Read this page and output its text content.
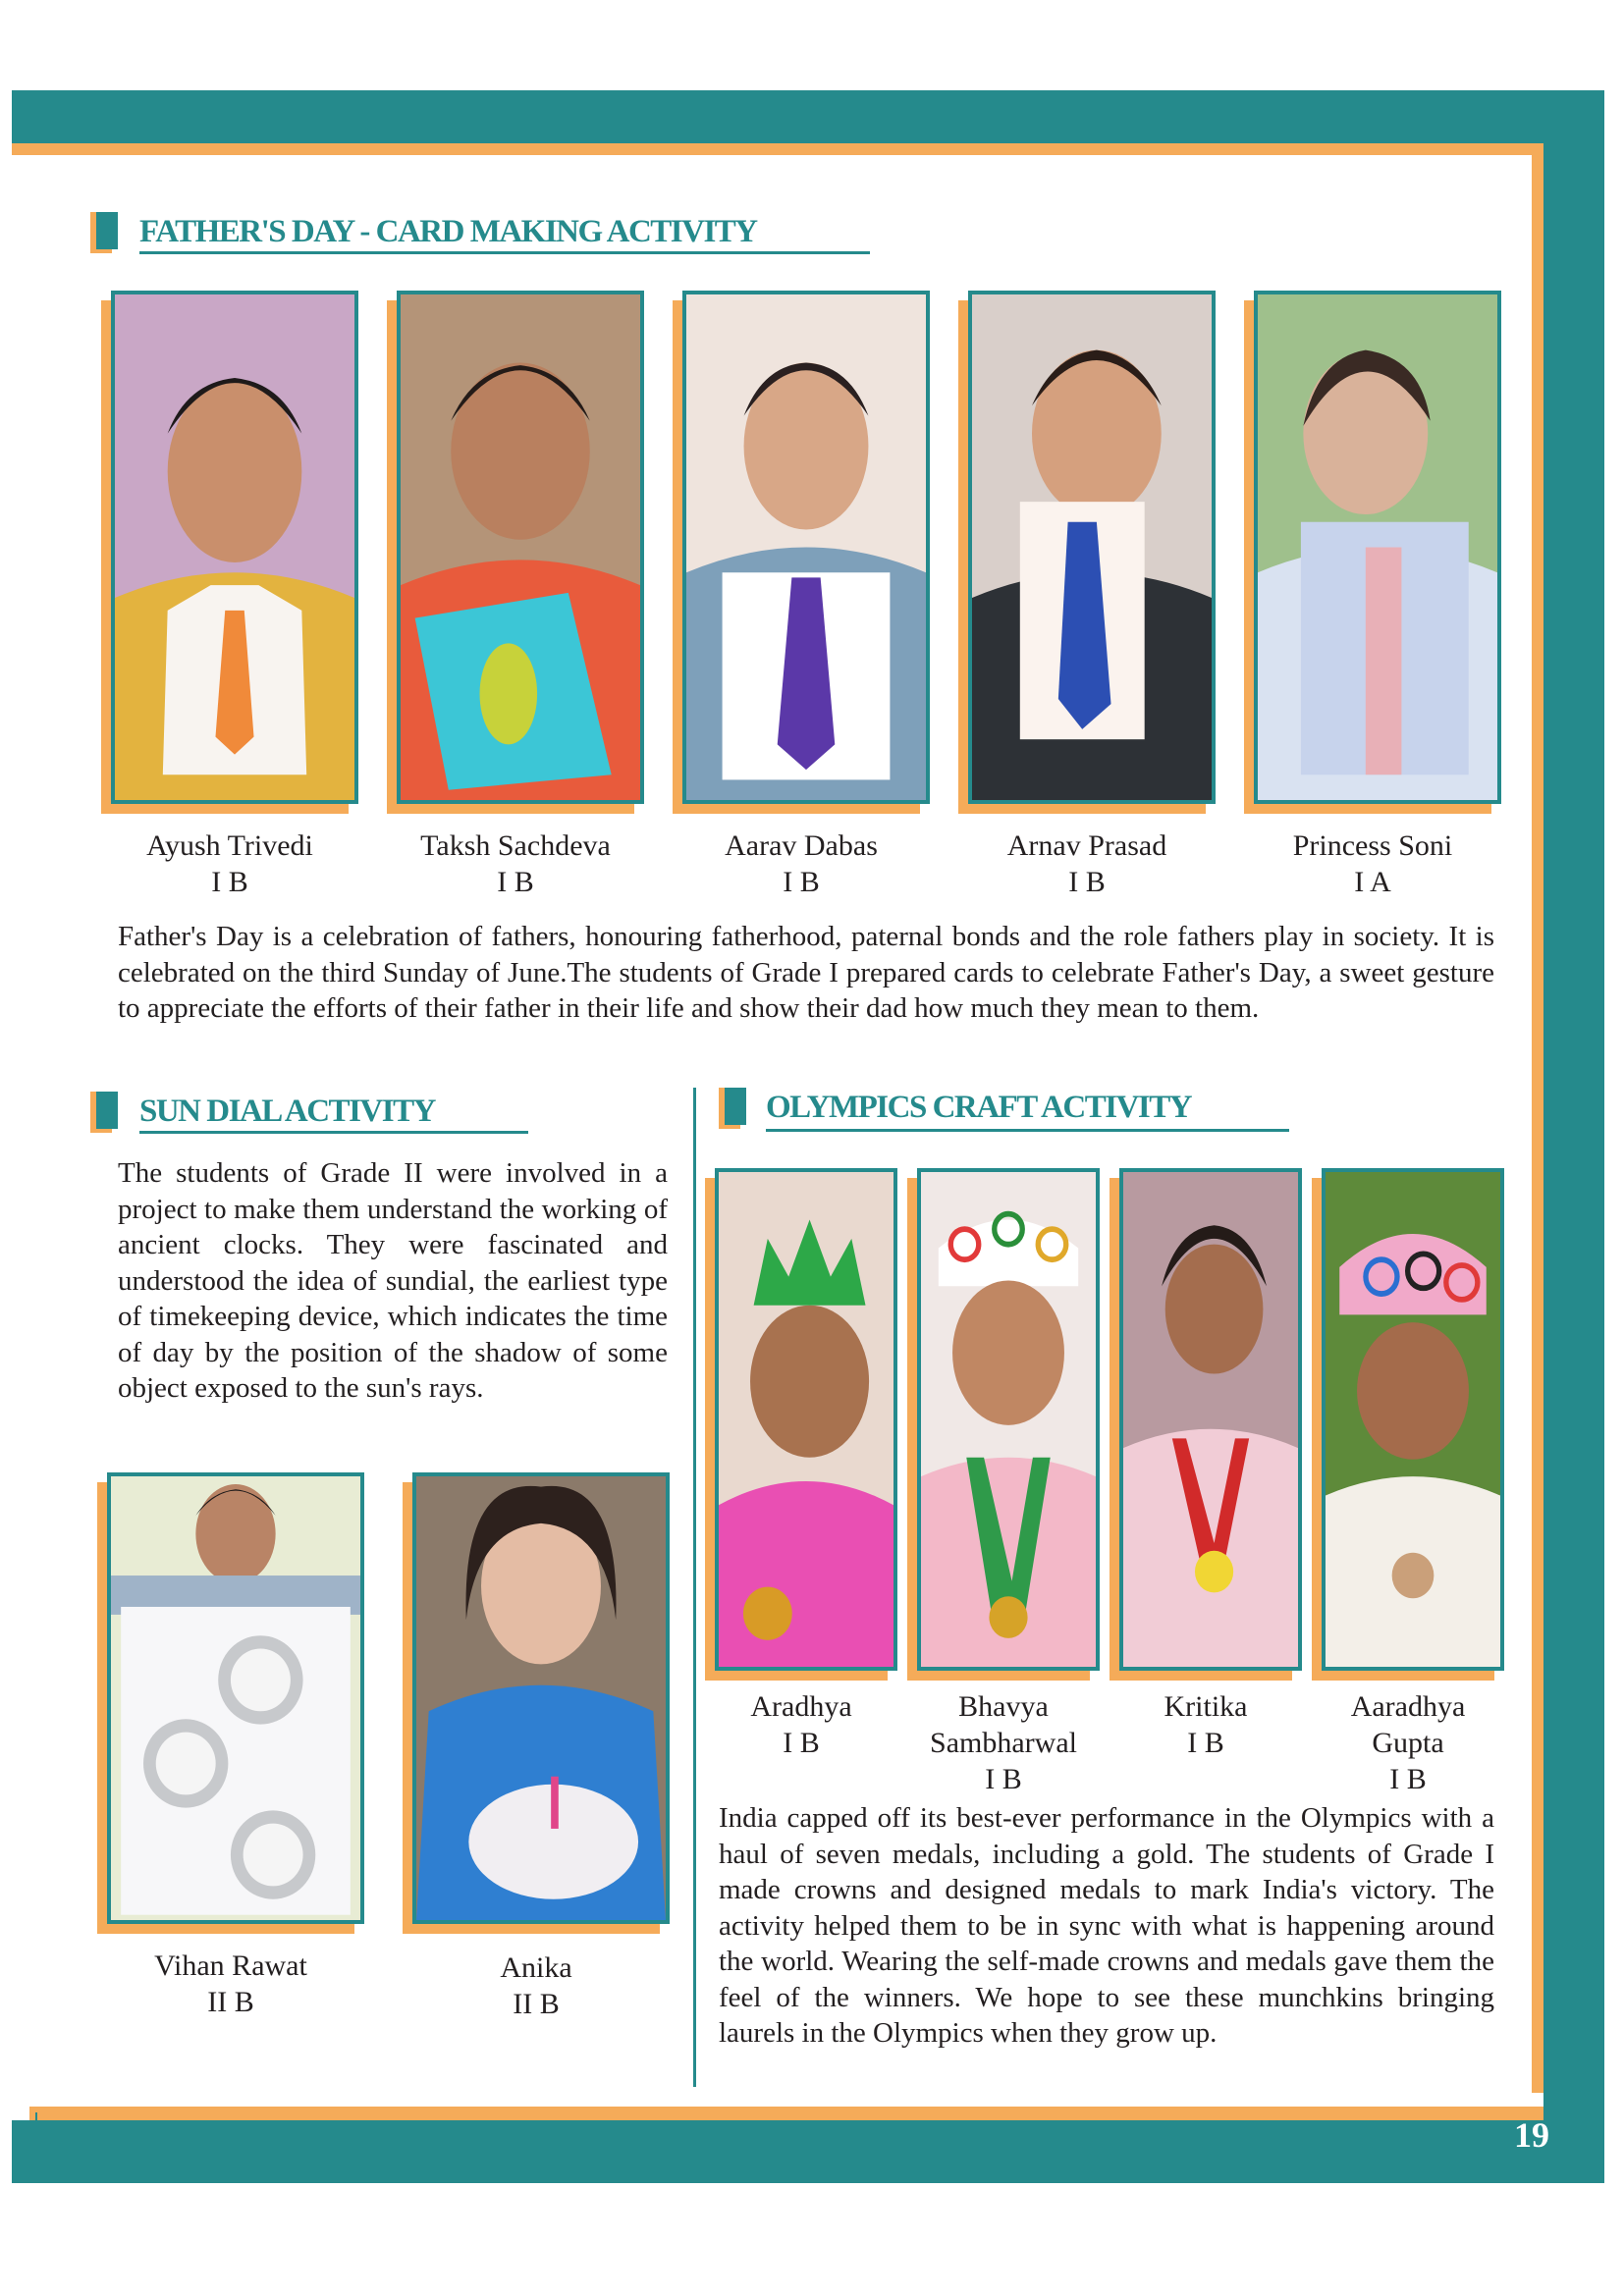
19
FATHER'S DAY - CARD MAKING ACTIVITY
Ayush Trivedi
I B
Taksh Sachdeva
I B
Aarav Dabas
I B
Arnav Prasad
I B
Princess Soni
I A
Father's Day is a celebration of fathers, honouring fatherhood, paternal bonds and the role fathers play in society. It is celebrated on the third Sunday of June.The students of Grade I prepared cards to celebrate Father's Day, a sweet gesture to appreciate the efforts of their father in their life and show their dad how much they mean to them.
SUN DIAL ACTIVITY
The students of Grade II were involved in a project to make them understand the working of ancient clocks. They were fascinated and understood the idea of sundial, the earliest type of timekeeping device, which indicates the time of day by the position of the shadow of some object exposed to the sun's rays.
Vihan Rawat
II B
Anika
II B
OLYMPICS CRAFT ACTIVITY
Aradhya
I B
Bhavya
Sambharwal
I B
Kritika
I B
Aaradhya
Gupta
I B
India capped off its best-ever performance in the Olympics with a haul of seven medals, including a gold. The students of Grade I made crowns and designed medals to mark India's victory. The activity helped them to be in sync with what is happening around the world. Wearing the self-made crowns and medals gave them the feel of the winners. We hope to see these munchkins bringing laurels in the Olympics when they grow up.
